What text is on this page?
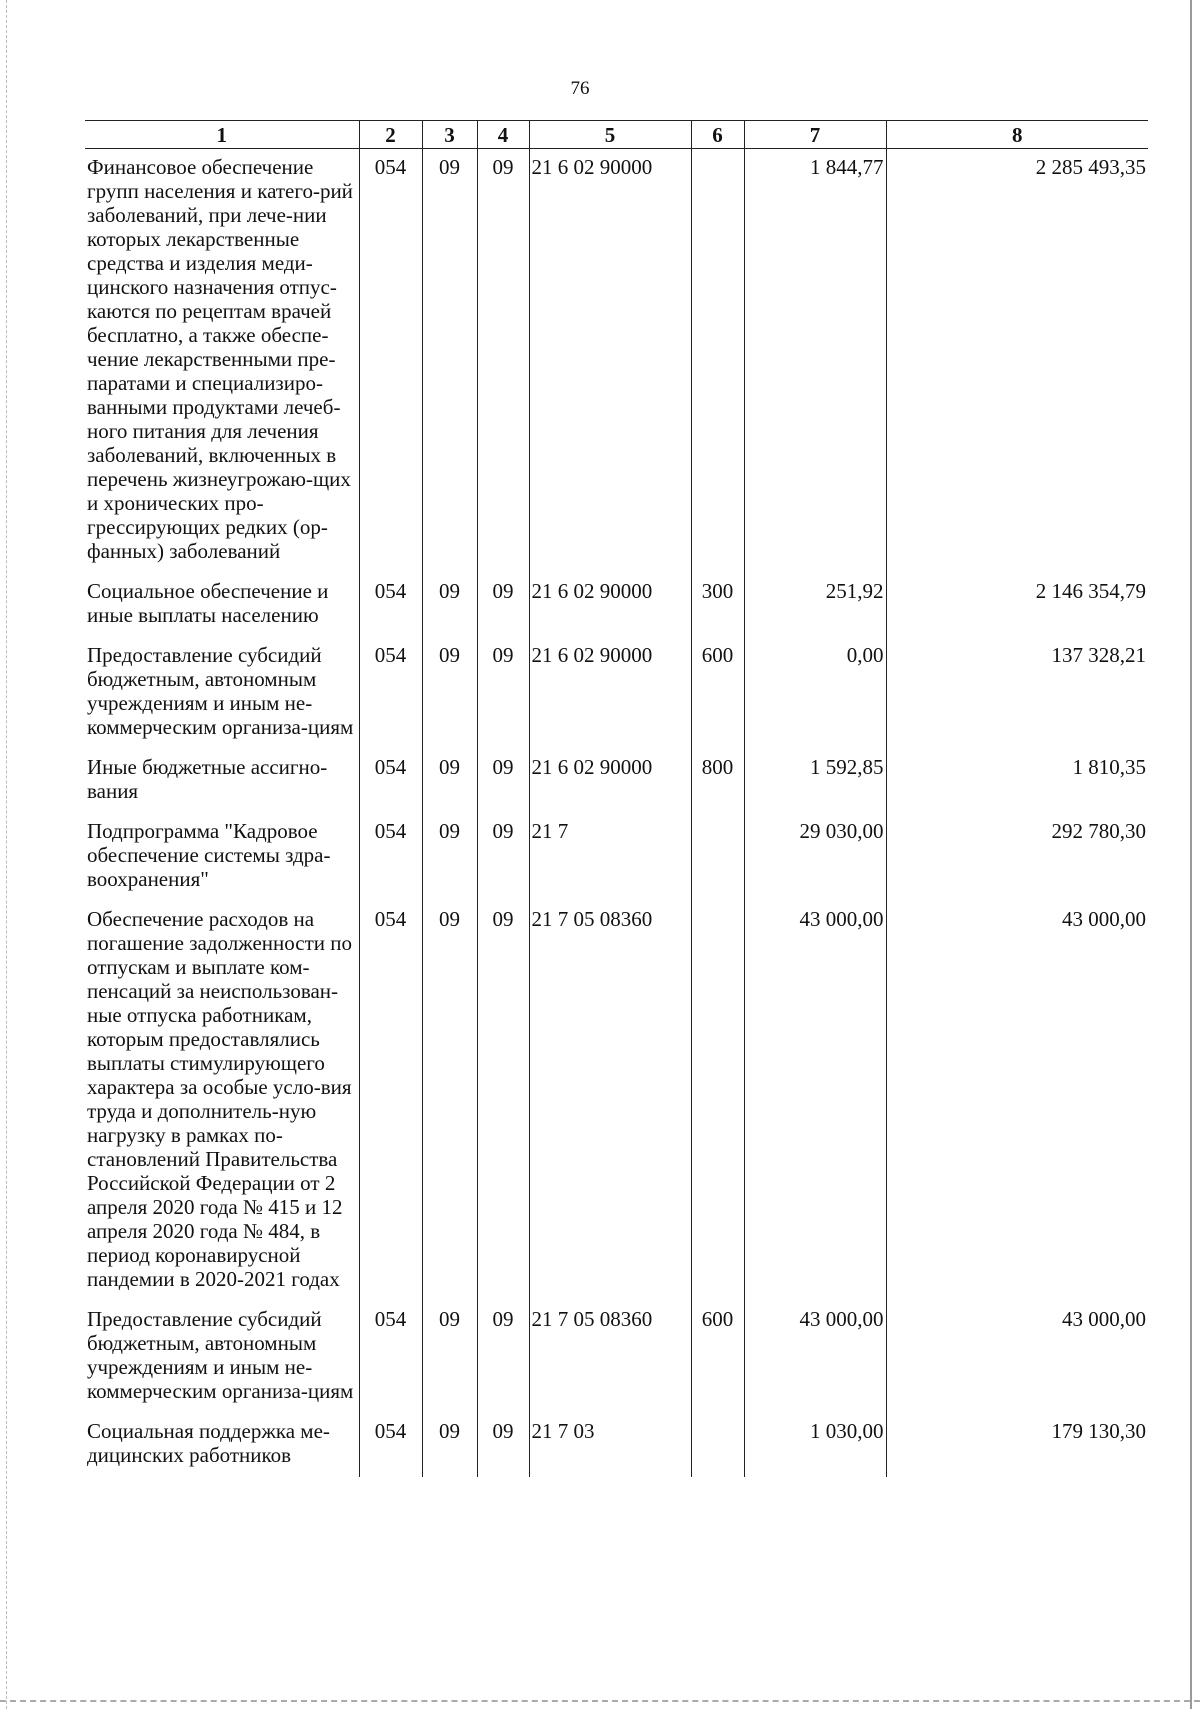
76
1	2	3	4	5	6	7	8
Финансовое обеспечение групп населения и катего-рий заболеваний, при лече-нии которых лекарственные средства и изделия меди-цинского назначения отпус-каются по рецептам врачей бесплатно, а также обеспе-чение лекарственными пре-паратами и специализиро-ванными продуктами лечеб-ного питания для лечения заболеваний, включенных в перечень жизнеугрожаю-щих и хронических про-грессирующих редких (ор-фанных) заболеваний	054	09	09	21 6 02 90000		1 844,77	2 285 493,35
Социальное обеспечение и иные выплаты населению	054	09	09	21 6 02 90000	300	251,92	2 146 354,79
Предоставление субсидий бюджетным, автономным учреждениям и иным не-коммерческим организа-циям	054	09	09	21 6 02 90000	600	0,00	137 328,21
Иные бюджетные ассигно-вания	054	09	09	21 6 02 90000	800	1 592,85	1 810,35
Подпрограмма "Кадровое обеспечение системы здра-воохранения"	054	09	09	21 7		29 030,00	292 780,30
Обеспечение расходов на погашение задолженности по отпускам и выплате ком-пенсаций за неиспользован-ные отпуска работникам, которым предоставлялись выплаты стимулирующего характера за особые усло-вия труда и дополнитель-ную нагрузку в рамках по-становлений Правительства Российской Федерации от 2 апреля 2020 года № 415 и 12 апреля 2020 года № 484, в период коронавирусной пандемии в 2020-2021 годах	054	09	09	21 7 05 08360		43 000,00	43 000,00
Предоставление субсидий бюджетным, автономным учреждениям и иным не-коммерческим организа-циям	054	09	09	21 7 05 08360	600	43 000,00	43 000,00
Социальная поддержка ме-дицинских работников	054	09	09	21 7 03		1 030,00	179 130,30
